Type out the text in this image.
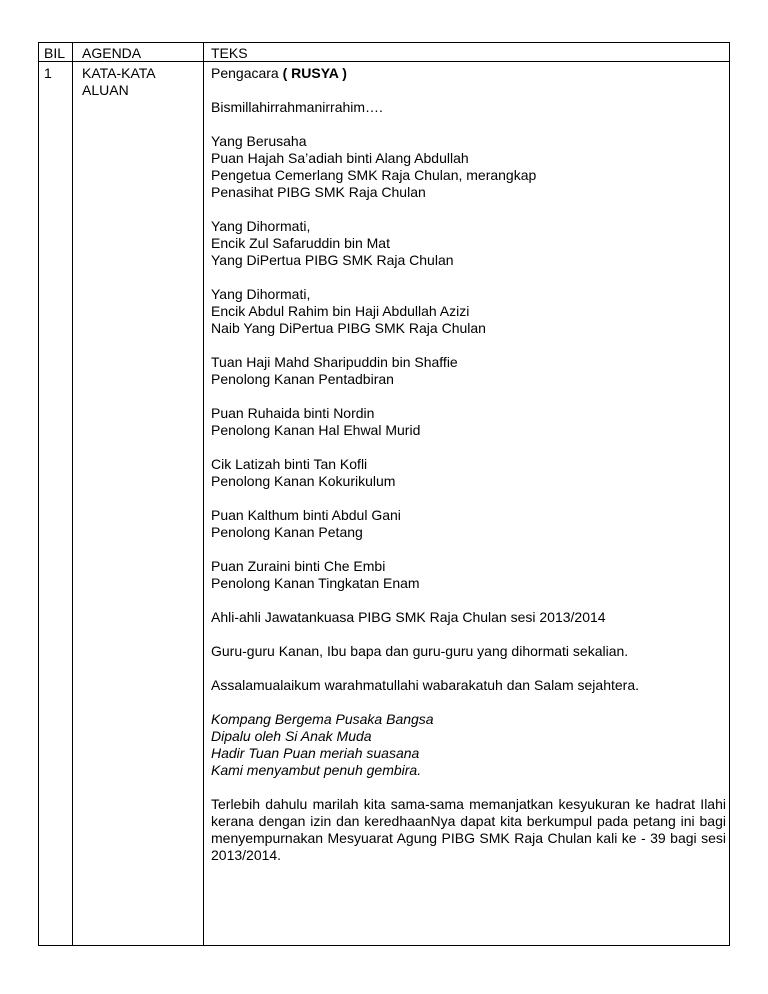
BIL AGENDA	TEKS
1 KATA-KATA
ALUAN

Pengacara ( RUSYA )

Bismillahirrahmanirrahim….

Yang Berusaha
Puan Hajah Sa’adiah binti Alang Abdullah
Pengetua Cemerlang SMK Raja Chulan, merangkap
Penasihat PIBG SMK Raja Chulan

Yang Dihormati,
Encik Zul Safaruddin bin Mat
Yang DiPertua PIBG SMK Raja Chulan

Yang Dihormati,
Encik Abdul Rahim bin Haji Abdullah Azizi
Naib Yang DiPertua PIBG SMK Raja Chulan

Tuan Haji Mahd Sharipuddin bin Shaffie
Penolong Kanan Pentadbiran

Puan Ruhaida binti Nordin
Penolong Kanan Hal Ehwal Murid

Cik Latizah binti Tan Kofli
Penolong Kanan Kokurikulum

Puan Kalthum binti Abdul Gani
Penolong Kanan Petang

Puan Zuraini binti Che Embi
Penolong Kanan Tingkatan Enam

Ahli-ahli Jawatankuasa PIBG SMK Raja Chulan sesi 2013/2014

Guru-guru Kanan, Ibu bapa dan guru-guru yang dihormati sekalian.

Assalamualaikum warahmatullahi wabarakatuh dan Salam sejahtera.

Kompang Bergema Pusaka Bangsa
Dipalu oleh Si Anak Muda
Hadir Tuan Puan meriah suasana
Kami menyambut penuh gembira.

Terlebih dahulu marilah kita sama-sama memanjatkan kesyukuran ke hadrat Ilahi kerana dengan izin dan keredhaanNya dapat kita berkumpul pada petang ini bagi menyempurnakan Mesyuarat Agung PIBG SMK Raja Chulan kali ke - 39 bagi sesi 2013/2014.
